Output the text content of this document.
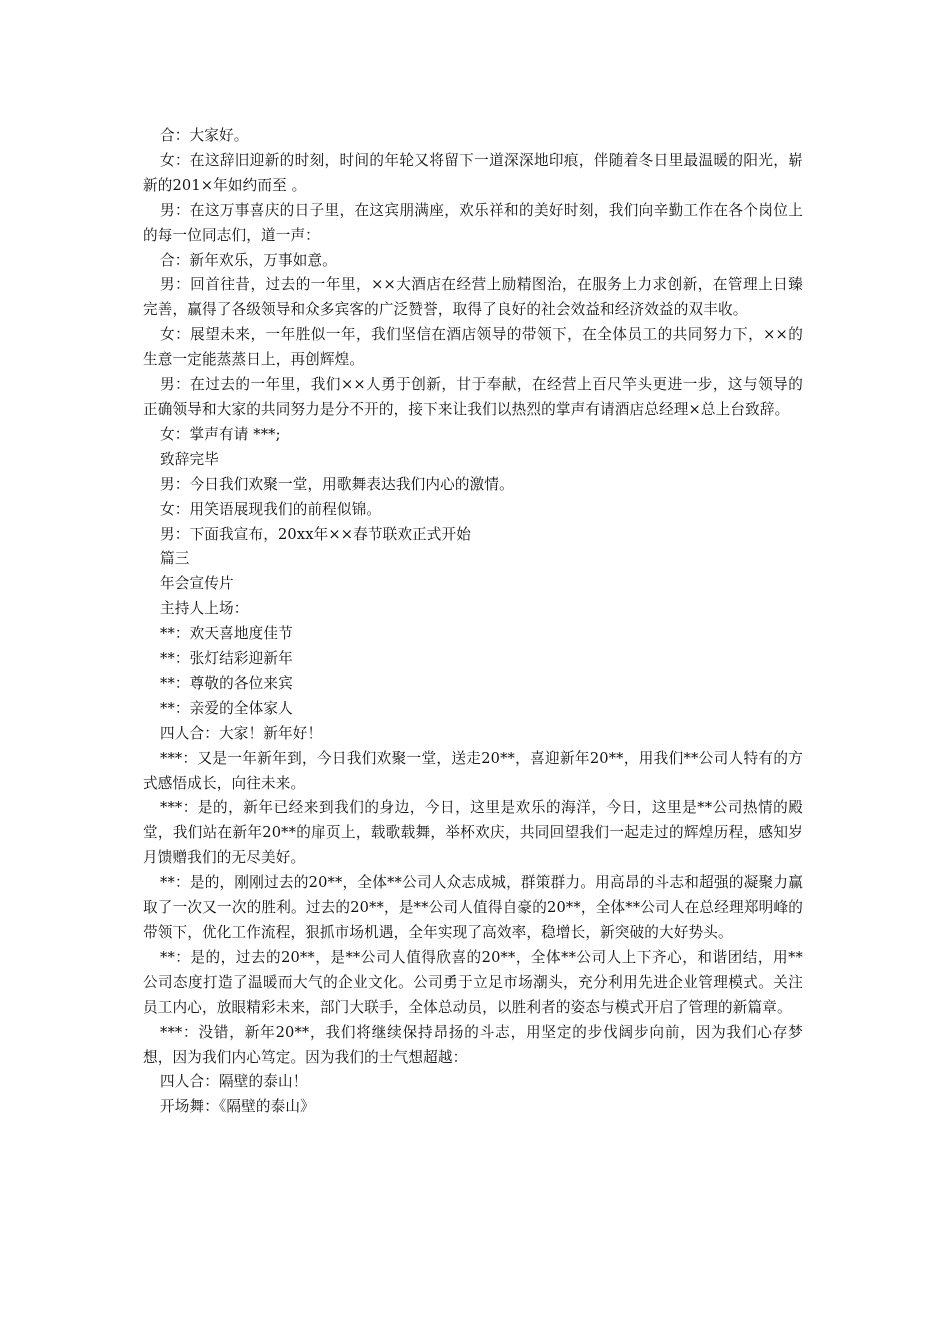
合：大家好。

女：在这辞旧迎新的时刻，时间的年轮又将留下一道深深地印痕，伴随着冬日里最温暖的阳光，崭新的201×年如约而至 。

男：在这万事喜庆的日子里，在这宾朋满座，欢乐祥和的美好时刻，我们向辛勤工作在各个岗位上的每一位同志们，道一声：

合：新年欢乐，万事如意。

男：回首往昔，过去的一年里，××大酒店在经营上励精图治，在服务上力求创新，在管理上日臻完善，赢得了各级领导和众多宾客的广泛赞誉，取得了良好的社会效益和经济效益的双丰收。

女：展望未来，一年胜似一年，我们坚信在酒店领导的带领下，在全体员工的共同努力下，××的生意一定能蒸蒸日上，再创辉煌。

男：在过去的一年里，我们××人勇于创新，甘于奉献，在经营上百尺竿头更进一步，这与领导的正确领导和大家的共同努力是分不开的，接下来让我们以热烈的掌声有请酒店总经理×总上台致辞。

女：掌声有请 ***;

致辞完毕

男：今日我们欢聚一堂，用歌舞表达我们内心的激情。

女：用笑语展现我们的前程似锦。

男：下面我宣布，20xx年××春节联欢正式开始

篇三

年会宣传片

主持人上场：

**：欢天喜地度佳节

**：张灯结彩迎新年

**：尊敬的各位来宾

**：亲爱的全体家人

四人合：大家！新年好！

***：又是一年新年到，今日我们欢聚一堂，送走20**，喜迎新年20**，用我们**公司人特有的方式感悟成长，向往未来。

***：是的，新年已经来到我们的身边，今日，这里是欢乐的海洋，今日，这里是**公司热情的殿堂，我们站在新年20**的扉页上，载歌载舞，举杯欢庆，共同回望我们一起走过的辉煌历程，感知岁月馈赠我们的无尽美好。

**：是的，刚刚过去的20**，全体**公司人众志成城，群策群力。用高昂的斗志和超强的凝聚力赢取了一次又一次的胜利。过去的20**，是**公司人值得自豪的20**，全体**公司人在总经理郑明峰的带领下，优化工作流程，狠抓市场机遇，全年实现了高效率，稳增长，新突破的大好势头。

**：是的，过去的20**，是**公司人值得欣喜的20**，全体**公司人上下齐心，和谐团结，用**公司态度打造了温暖而大气的企业文化。公司勇于立足市场潮头，充分利用先进企业管理模式。关注员工内心，放眼精彩未来，部门大联手，全体总动员，以胜利者的姿态与模式开启了管理的新篇章。

***：没错，新年20**，我们将继续保持昂扬的斗志，用坚定的步伐阔步向前，因为我们心存梦想，因为我们内心笃定。因为我们的士气想超越：

四人合：隔壁的泰山！

开场舞：《隔壁的泰山》
